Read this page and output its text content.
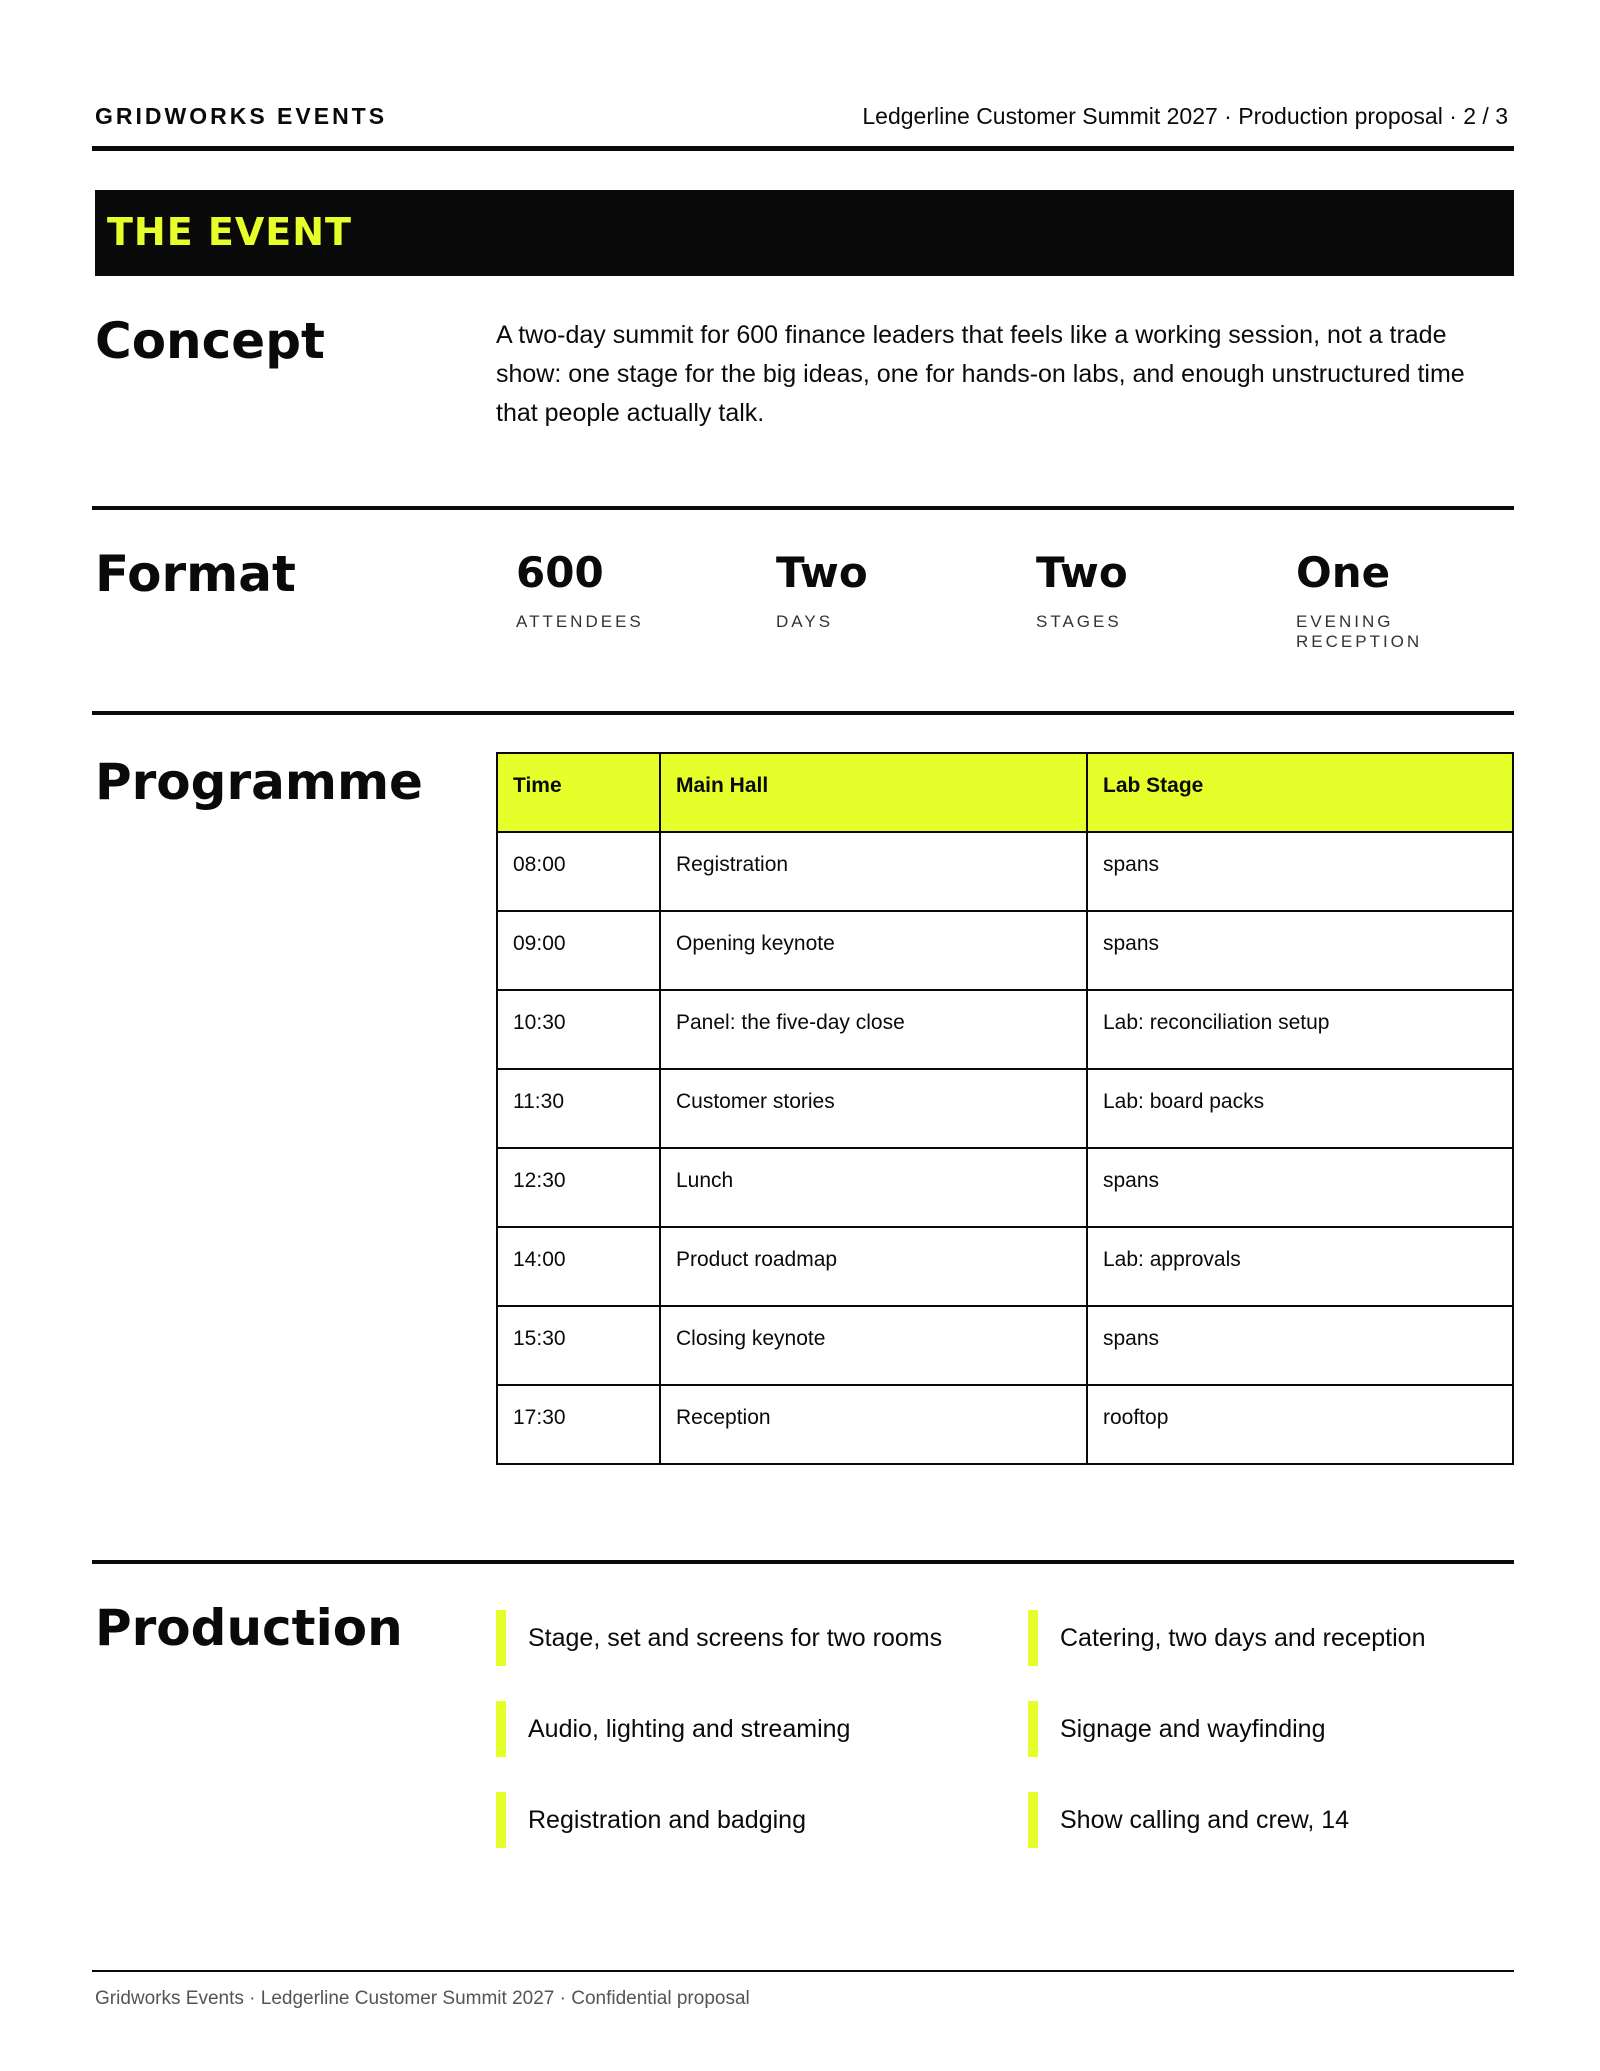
GRIDWORKS EVENTS	Ledgerline Customer Summit 2027 · Production proposal · 2 / 3
THE EVENT
Concept	A two-day summit for 600 finance leaders that feels like a working session, not a trade show: one stage for the big ideas, one for hands-on labs, and enough unstructured time that people actually talk.
Format	600
ATTENDEES
Two
DAYS
Two
STAGES
One
EVENING RECEPTION
Programme	Time	Main Hall	Lab Stage
08:00	Registration	spans
09:00	Opening keynote	spans
10:30	Panel: the five-day close	Lab: reconciliation setup
11:30	Customer stories	Lab: board packs
12:30	Lunch	spans
14:00	Product roadmap	Lab: approvals
15:30	Closing keynote	spans
17:30	Reception	rooftop
Production	Stage, set and screens for two rooms	Catering, two days and reception
Audio, lighting and streaming	Signage and wayfinding
Registration and badging	Show calling and crew, 14
Gridworks Events · Ledgerline Customer Summit 2027 · Confidential proposal
